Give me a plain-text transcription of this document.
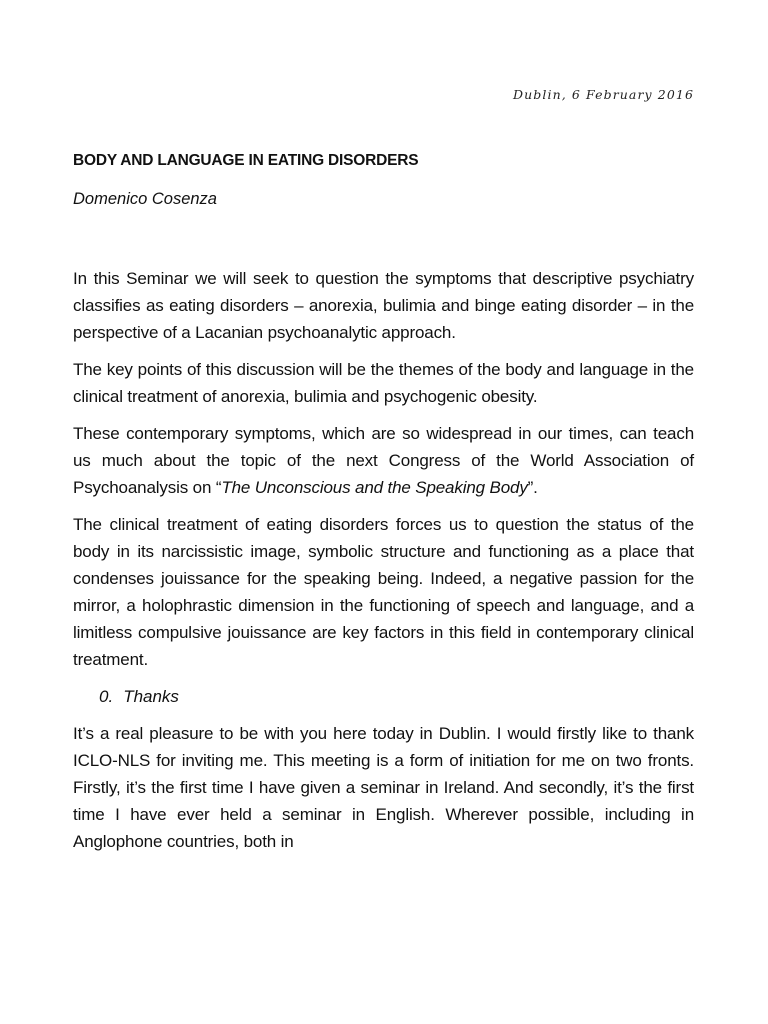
Dublin, 6 February 2016
BODY AND LANGUAGE IN EATING DISORDERS
Domenico Cosenza

In this Seminar we will seek to question the symptoms that descriptive psychiatry classifies as eating disorders – anorexia, bulimia and binge eating disorder – in the perspective of a Lacanian psychoanalytic approach.

The key points of this discussion will be the themes of the body and language in the clinical treatment of anorexia, bulimia and psychogenic obesity.

These contemporary symptoms, which are so widespread in our times, can teach us much about the topic of the next Congress of the World Association of Psychoanalysis on “The Unconscious and the Speaking Body”.

The clinical treatment of eating disorders forces us to question the status of the body in its narcissistic image, symbolic structure and functioning as a place that condenses jouissance for the speaking being. Indeed, a negative passion for the mirror, a holophrastic dimension in the functioning of speech and language, and a limitless compulsive jouissance are key factors in this field in contemporary clinical treatment.

0. Thanks

It’s a real pleasure to be with you here today in Dublin. I would firstly like to thank ICLO-NLS for inviting me. This meeting is a form of initiation for me on two fronts. Firstly, it’s the first time I have given a seminar in Ireland. And secondly, it’s the first time I have ever held a seminar in English. Wherever possible, including in Anglophone countries, both in
